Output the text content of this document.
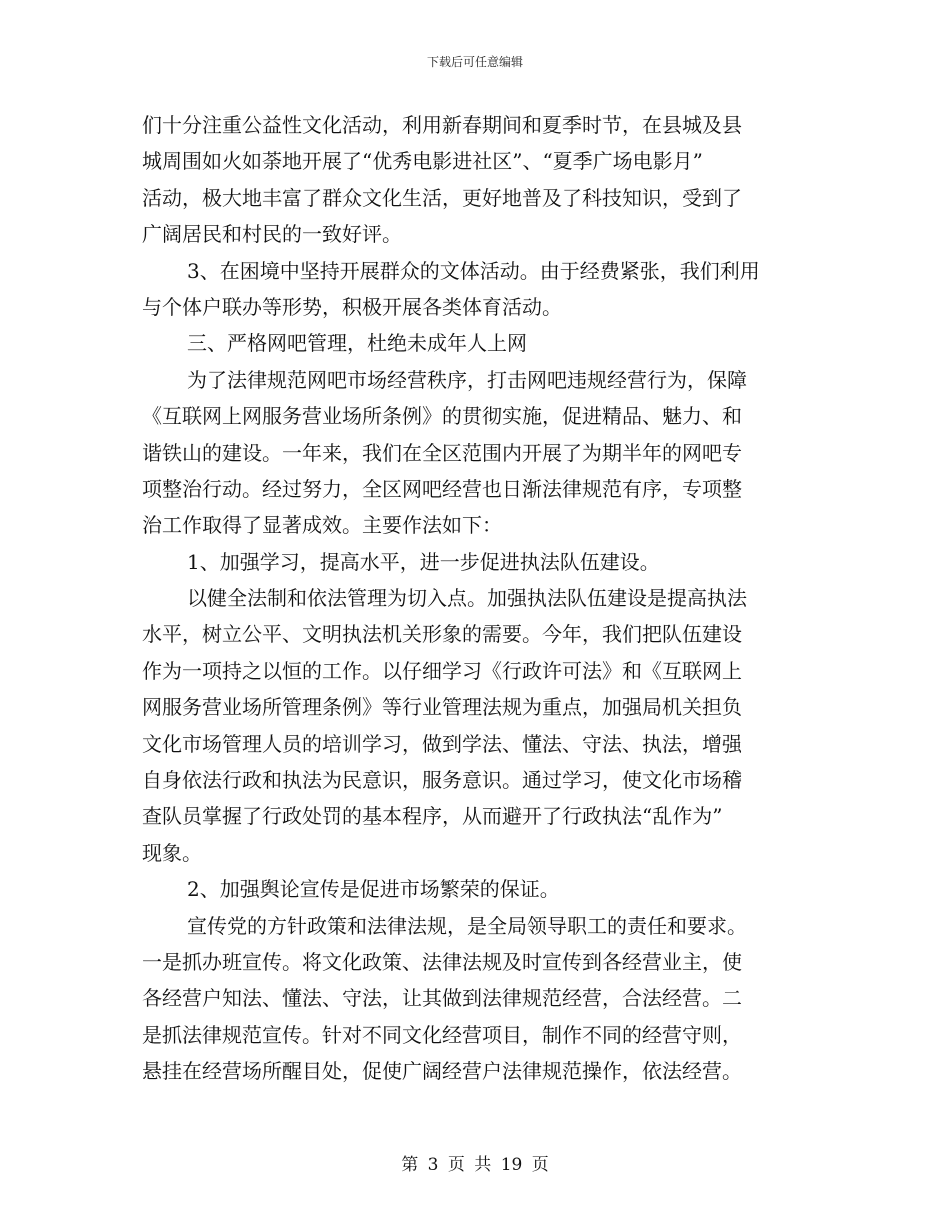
下载后可任意编辑
们十分注重公益性文化活动，利用新春期间和夏季时节，在县城及县
城周围如火如荼地开展了“优秀电影进社区”、“夏季广场电影月”
活动，极大地丰富了群众文化生活，更好地普及了科技知识，受到了
广阔居民和村民的一致好评。
3、在困境中坚持开展群众的文体活动。由于经费紧张，我们利用
与个体户联办等形势，积极开展各类体育活动。
三、严格网吧管理，杜绝未成年人上网
为了法律规范网吧市场经营秩序，打击网吧违规经营行为，保障
《互联网上网服务营业场所条例》的贯彻实施，促进精品、魅力、和
谐铁山的建设。一年来，我们在全区范围内开展了为期半年的网吧专
项整治行动。经过努力，全区网吧经营也日渐法律规范有序，专项整
治工作取得了显著成效。主要作法如下：
1、加强学习，提高水平，进一步促进执法队伍建设。
以健全法制和依法管理为切入点。加强执法队伍建设是提高执法
水平，树立公平、文明执法机关形象的需要。今年，我们把队伍建设
作为一项持之以恒的工作。以仔细学习《行政许可法》和《互联网上
网服务营业场所管理条例》等行业管理法规为重点，加强局机关担负
文化市场管理人员的培训学习，做到学法、懂法、守法、执法，增强
自身依法行政和执法为民意识，服务意识。通过学习，使文化市场稽
查队员掌握了行政处罚的基本程序，从而避开了行政执法“乱作为”
现象。
2、加强舆论宣传是促进市场繁荣的保证。
宣传党的方针政策和法律法规，是全局领导职工的责任和要求。
一是抓办班宣传。将文化政策、法律法规及时宣传到各经营业主，使
各经营户知法、懂法、守法，让其做到法律规范经营，合法经营。二
是抓法律规范宣传。针对不同文化经营项目，制作不同的经营守则，
悬挂在经营场所醒目处，促使广阔经营户法律规范操作，依法经营。
第 3 页 共 19 页
